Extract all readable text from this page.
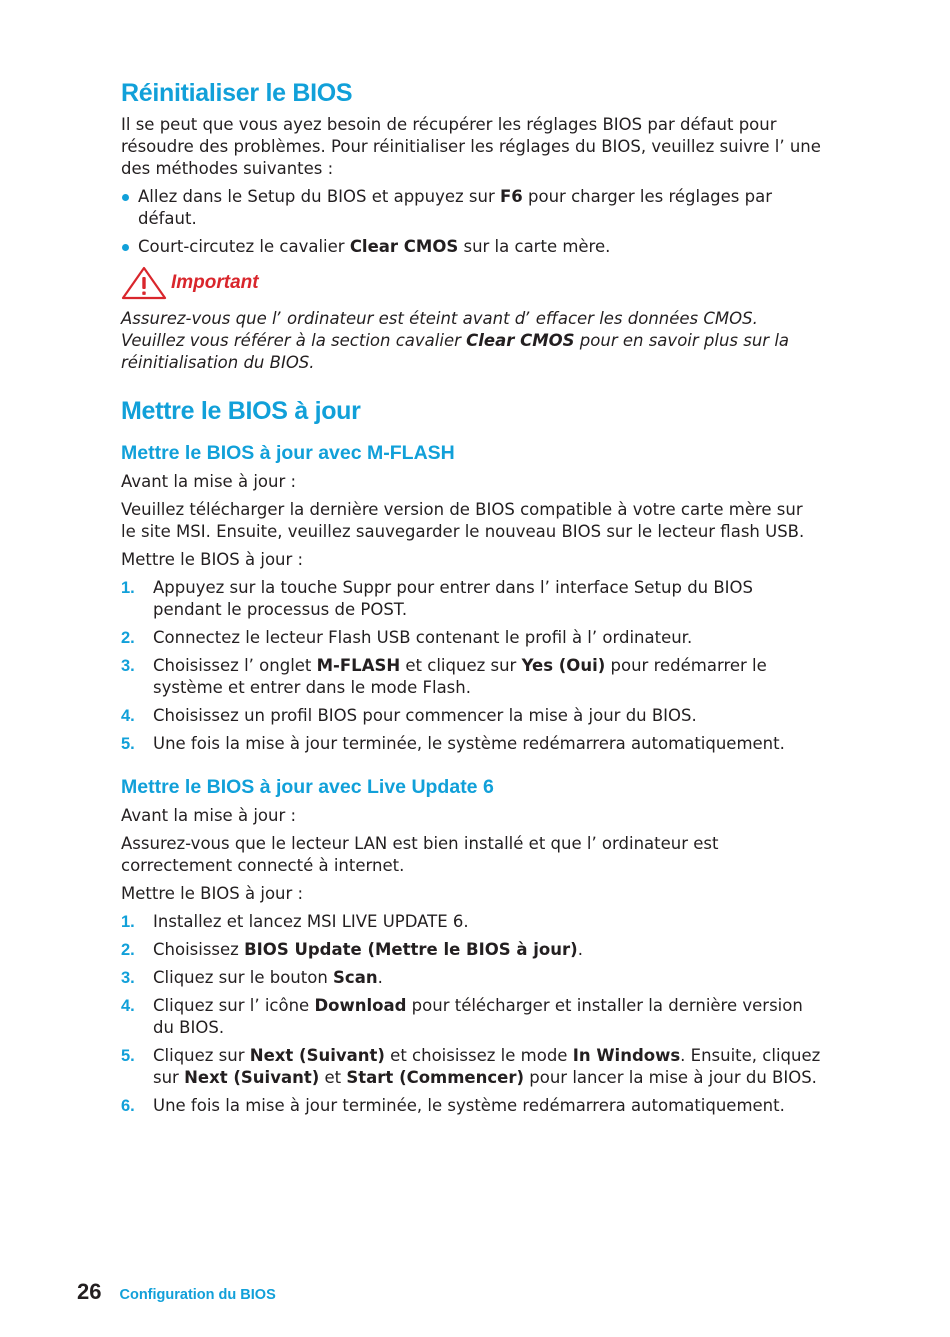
Réinitialiser le BIOS

Il se peut que vous ayez besoin de récupérer les réglages BIOS par défaut pour résoudre des problèmes. Pour réinitialiser les réglages du BIOS, veuillez suivre lʼ une des méthodes suivantes :

Allez dans le Setup du BIOS et appuyez sur F6 pour charger les réglages par défaut.
Court-circutez le cavalier Clear CMOS sur la carte mère.
Important

Assurez-vous que lʼ ordinateur est éteint avant dʼ effacer les données CMOS. Veuillez vous référer à la section cavalier Clear CMOS pour en savoir plus sur la réinitialisation du BIOS.

Mettre le BIOS à jour
Mettre le BIOS à jour avec M-FLASH

Avant la mise à jour :

Veuillez télécharger la dernière version de BIOS compatible à votre carte mère sur le site MSI. Ensuite, veuillez sauvegarder le nouveau BIOS sur le lecteur flash USB.

Mettre le BIOS à jour :

1. Appuyez sur la touche Suppr pour entrer dans lʼ interface Setup du BIOS pendant le processus de POST.
2. Connectez le lecteur Flash USB contenant le profil à lʼ ordinateur.
3. Choisissez lʼ onglet M-FLASH et cliquez sur Yes (Oui) pour redémarrer le système et entrer dans le mode Flash.
4. Choisissez un profil BIOS pour commencer la mise à jour du BIOS.
5. Une fois la mise à jour terminée, le système redémarrera automatiquement.
Mettre le BIOS à jour avec Live Update 6

Avant la mise à jour :

Assurez-vous que le lecteur LAN est bien installé et que lʼ ordinateur est correctement connecté à internet.

Mettre le BIOS à jour :

1. Installez et lancez MSI LIVE UPDATE 6.
2. Choisissez BIOS Update (Mettre le BIOS à jour).
3. Cliquez sur le bouton Scan.
4. Cliquez sur lʼ icône Download pour télécharger et installer la dernière version du BIOS.
5. Cliquez sur Next (Suivant) et choisissez le mode In Windows. Ensuite, cliquez sur Next (Suivant) et Start (Commencer) pour lancer la mise à jour du BIOS.
6. Une fois la mise à jour terminée, le système redémarrera automatiquement.
26 Configuration du BIOS
